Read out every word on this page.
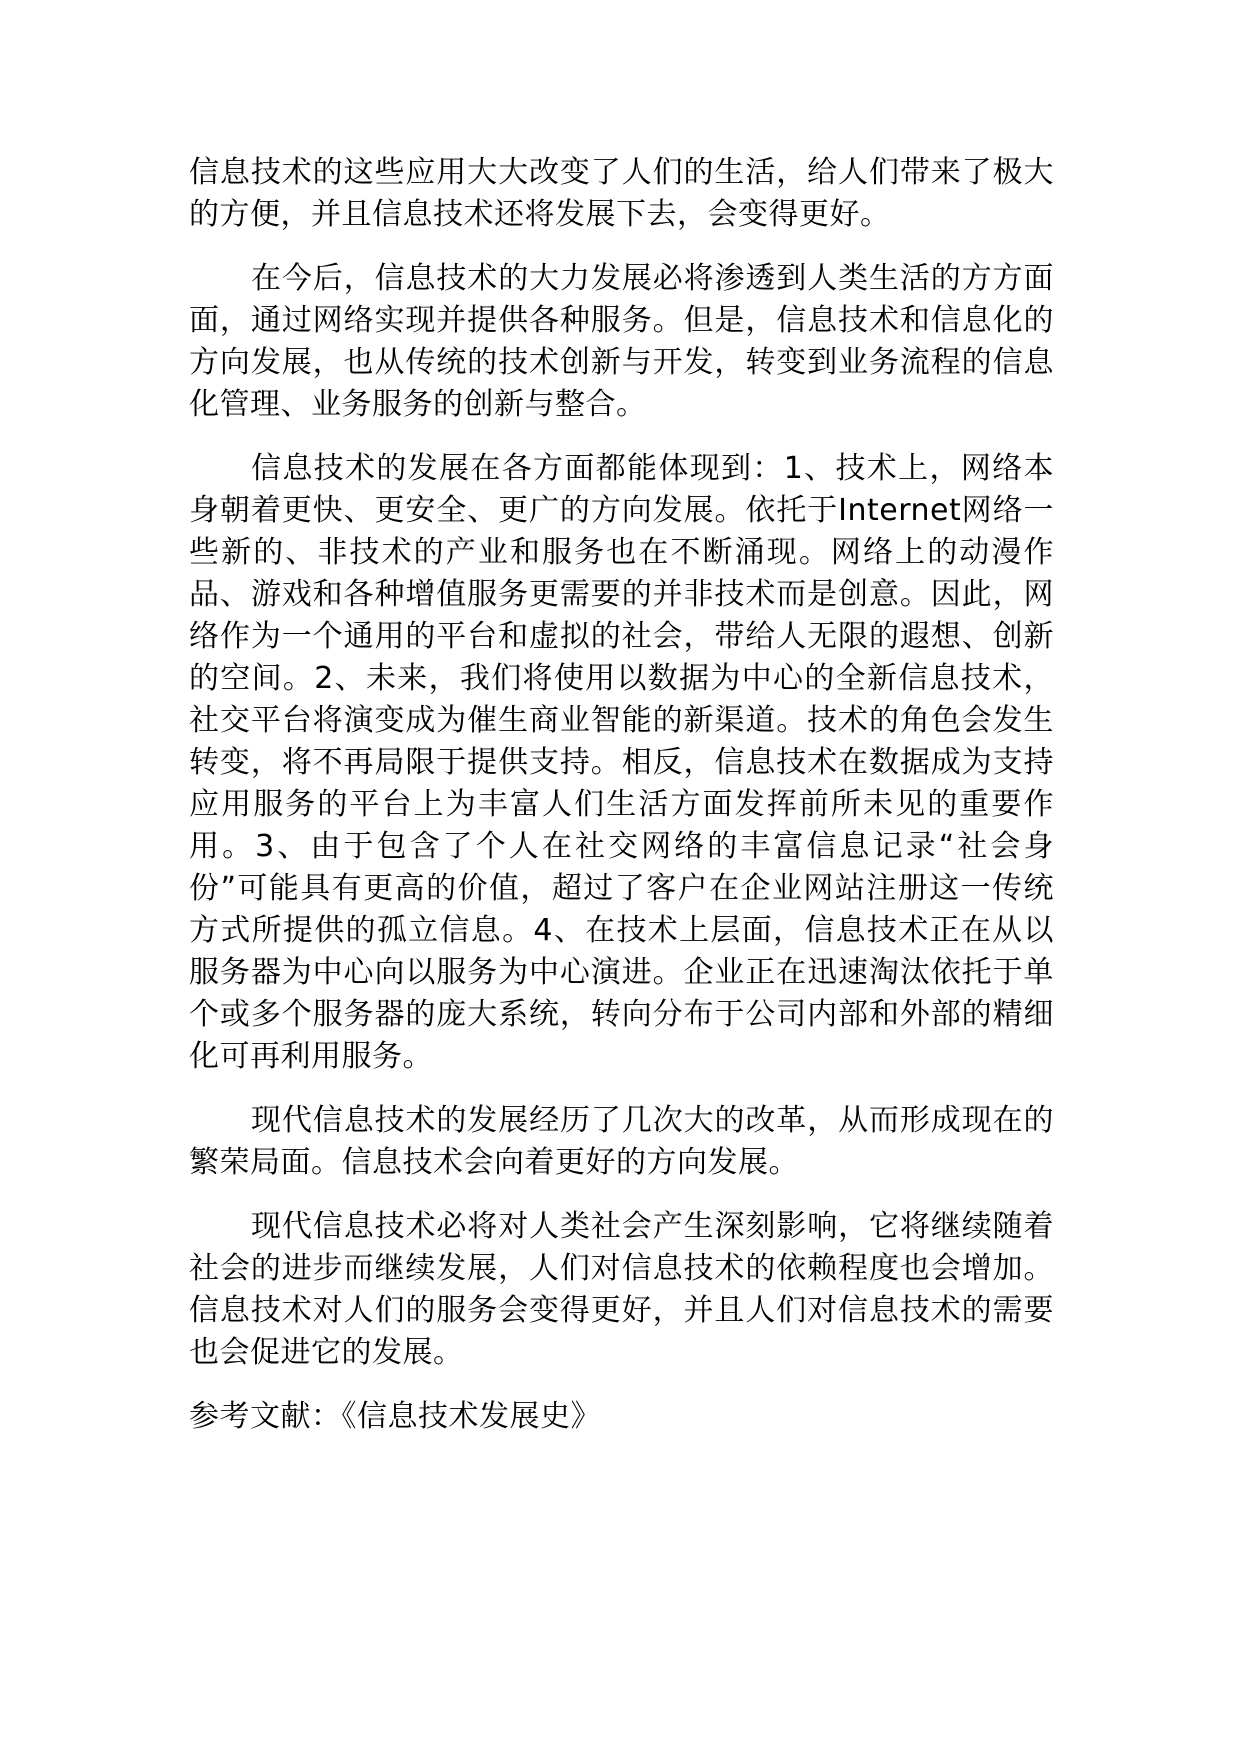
信息技术的这些应用大大改变了人们的生活，给人们带来了极大的方便，并且信息技术还将发展下去，会变得更好。

在今后，信息技术的大力发展必将渗透到人类生活的方方面面，通过网络实现并提供各种服务。但是，信息技术和信息化的方向发展，也从传统的技术创新与开发，转变到业务流程的信息化管理、业务服务的创新与整合。

信息技术的发展在各方面都能体现到：1、技术上，网络本身朝着更快、更安全、更广的方向发展。依托于Internet网络一些新的、非技术的产业和服务也在不断涌现。网络上的动漫作品、游戏和各种增值服务更需要的并非技术而是创意。因此，网络作为一个通用的平台和虚拟的社会，带给人无限的遐想、创新的空间。2、未来，我们将使用以数据为中心的全新信息技术，社交平台将演变成为催生商业智能的新渠道。技术的角色会发生转变，将不再局限于提供支持。相反，信息技术在数据成为支持应用服务的平台上为丰富人们生活方面发挥前所未见的重要作用。3、由于包含了个人在社交网络的丰富信息记录“社会身份”可能具有更高的价值，超过了客户在企业网站注册这一传统方式所提供的孤立信息。4、在技术上层面，信息技术正在从以服务器为中心向以服务为中心演进。企业正在迅速淘汰依托于单个或多个服务器的庞大系统，转向分布于公司内部和外部的精细化可再利用服务。

现代信息技术的发展经历了几次大的改革，从而形成现在的繁荣局面。信息技术会向着更好的方向发展。

现代信息技术必将对人类社会产生深刻影响，它将继续随着社会的进步而继续发展，人们对信息技术的依赖程度也会增加。信息技术对人们的服务会变得更好，并且人们对信息技术的需要也会促进它的发展。

参考文献：《信息技术发展史》
